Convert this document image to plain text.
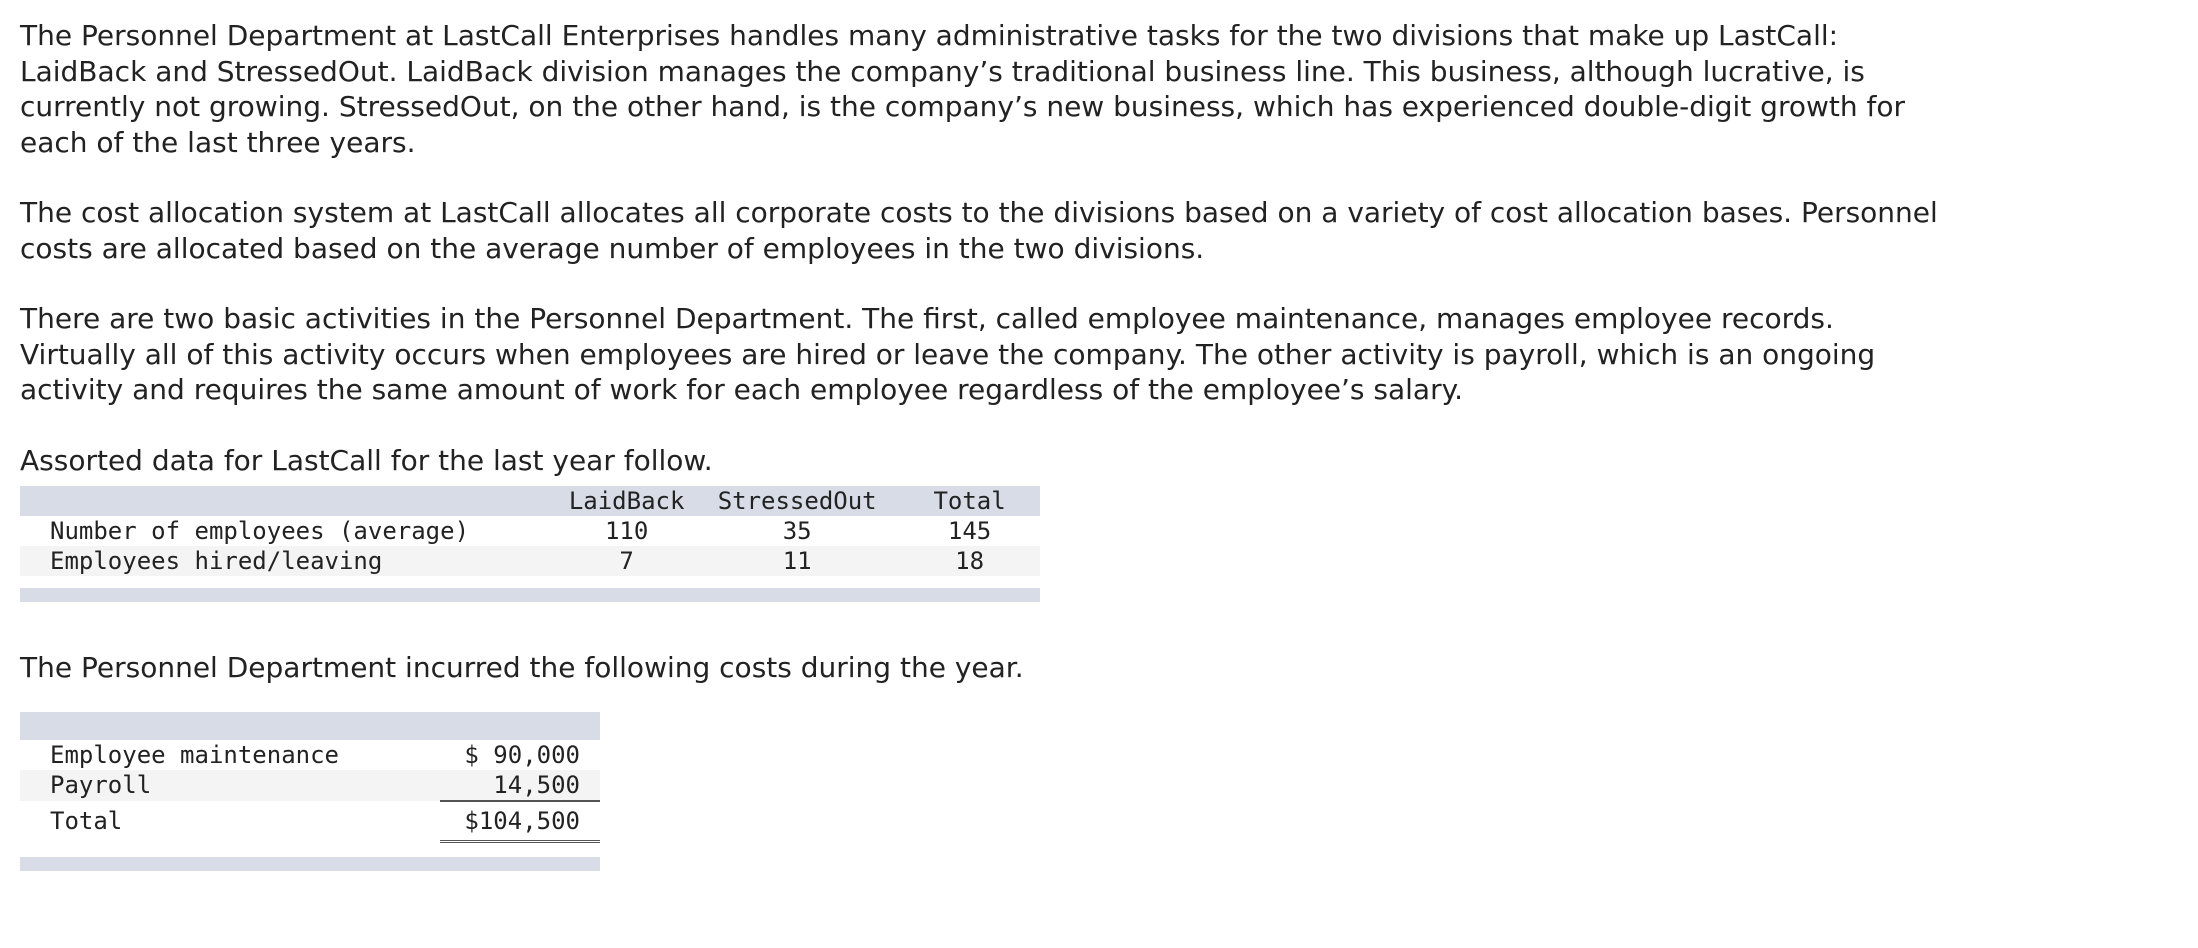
The Personnel Department at LastCall Enterprises handles many administrative tasks for the two divisions that make up LastCall: LaidBack and StressedOut. LaidBack division manages the company’s traditional business line. This business, although lucrative, is currently not growing. StressedOut, on the other hand, is the company’s new business, which has experienced double-digit growth for each of the last three years.

The cost allocation system at LastCall allocates all corporate costs to the divisions based on a variety of cost allocation bases. Personnel costs are allocated based on the average number of employees in the two divisions.

There are two basic activities in the Personnel Department. The first, called employee maintenance, manages employee records. Virtually all of this activity occurs when employees are hired or leave the company. The other activity is payroll, which is an ongoing activity and requires the same amount of work for each employee regardless of the employee’s salary.

Assorted data for LastCall for the last year follow.

	LaidBack	StressedOut	Total
Number of employees (average)	110	35	145
Employees hired/leaving	7	11	18

The Personnel Department incurred the following costs during the year.

Employee maintenance	$ 90,000
Payroll	14,500
Total	$104,500
